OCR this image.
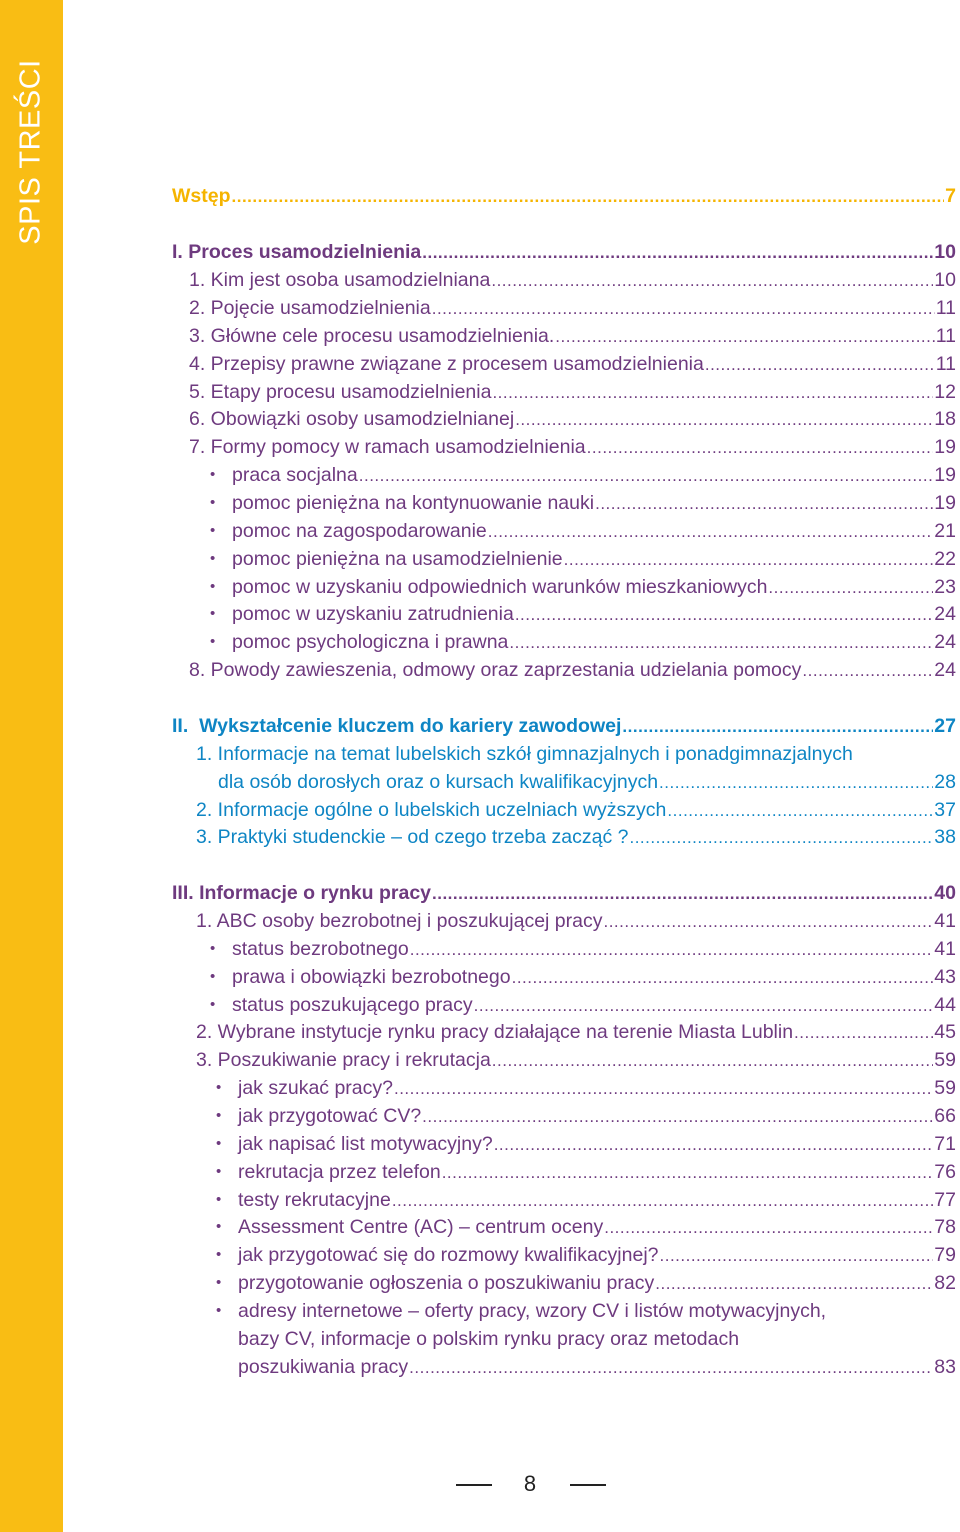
SPIS TREŚCI	Wstęp .....	7
I. Proces usamodzielnienia .....	10
1. Kim jest osoba usamodzielniana .....	10
2. Pojęcie usamodzielnienia .....	11
3. Główne cele procesu usamodzielnienia. .....	11
4. Przepisy prawne związane z procesem usamodzielnienia .....	11
5. Etapy procesu usamodzielnienia .....	12
6. Obowiązki osoby usamodzielnianej .....	18
7. Formy pomocy w ramach usamodzielnienia .....	19
• praca socjalna .....	19
• pomoc pieniężna na kontynuowanie nauki .....	19
• pomoc na zagospodarowanie .....	21
• pomoc pieniężna na usamodzielnienie .....	22
• pomoc w uzyskaniu odpowiednich warunków mieszkaniowych .....	23
• pomoc w uzyskaniu zatrudnienia .....	24
• pomoc psychologiczna i prawna .....	24
8. Powody zawieszenia, odmowy oraz zaprzestania udzielania pomocy .....	24
II.  Wykształcenie kluczem do kariery zawodowej .....	27
1. Informacje na temat lubelskich szkół gimnazjalnych i ponadgimnazjalnych
dla osób dorosłych oraz o kursach kwalifikacyjnych .....	28
2. Informacje ogólne o lubelskich uczelniach wyższych .....	37
3. Praktyki studenckie – od czego trzeba zacząć ? .....	38
III. Informacje o rynku pracy .....	40
1. ABC osoby bezrobotnej i poszukującej pracy .....	41
• status bezrobotnego .....	41
• prawa i obowiązki bezrobotnego .....	43
• status poszukującego pracy .....	44
2. Wybrane instytucje rynku pracy działające na terenie Miasta Lublin .....	45
3. Poszukiwanie pracy i rekrutacja .....	59
• jak szukać pracy? .....	59
• jak przygotować CV? .....	66
• jak napisać list motywacyjny? .....	71
• rekrutacja przez telefon .....	76
• testy rekrutacyjne .....	77
• Assessment Centre (AC) – centrum oceny .....	78
• jak przygotować się do rozmowy kwalifikacyjnej? .....	79
• przygotowanie ogłoszenia o poszukiwaniu pracy .....	82
• adresy internetowe – oferty pracy, wzory CV i listów motywacyjnych,
bazy CV, informacje o polskim rynku pracy oraz metodach
poszukiwania pracy .....	83
8
